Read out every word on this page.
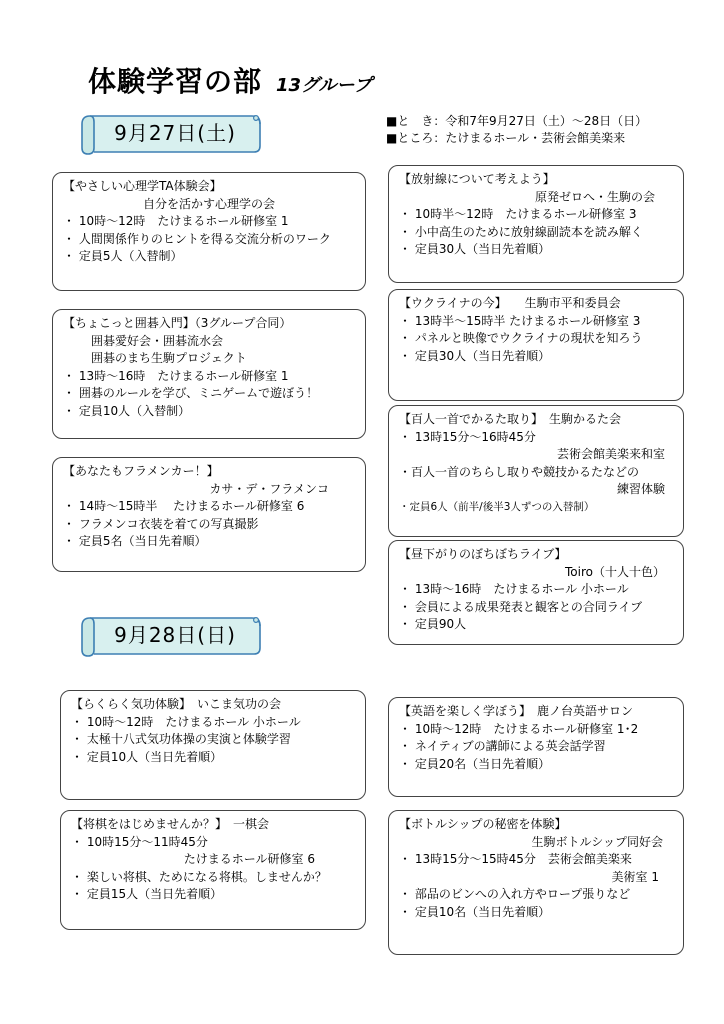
体験学習の部 13グループ
■と　き：令和7年9月27日（土）～28日（日）
■ところ：たけまるホール・芸術会館美楽来
9月27日(土)
9月28日(日)
【やさしい心理学TA体験会】
自分を活かす心理学の会
・ 10時～12時　たけまるホール研修室 1
・ 人間関係作りのヒントを得る交流分析のワーク
・ 定員5人（入替制）
【ちょこっと囲碁入門】（3グループ合同）
囲碁愛好会・囲碁流水会
囲碁のまち生駒プロジェクト
・ 13時～16時　たけまるホール研修室 1
・ 囲碁のルールを学び、ミニゲームで遊ぼう！
・ 定員10人（入替制）
【あなたもフラメンカー！】
カサ・デ・フラメンコ
・ 14時～15時半　 たけまるホール研修室 6
・ フラメンコ衣装を着ての写真撮影
・ 定員5名（当日先着順）
【放射線について考えよう】
原発ゼロへ・生駒の会
・ 10時半～12時　たけまるホール研修室 3
・ 小中高生のために放射線副読本を読み解く
・ 定員30人（当日先着順）
【ウクライナの今】　　生駒市平和委員会
・ 13時半～15時半 たけまるホール研修室 3
・ パネルと映像でウクライナの現状を知ろう
・ 定員30人（当日先着順）
【百人一首でかるた取り】　生駒かるた会
・ 13時15分～16時45分
芸術会館美楽来和室
・百人一首のちらし取りや競技かるたなどの
練習体験
・定員6人（前半/後半3人ずつの入替制）
【昼下がりのぼちぼちライブ】
Toiro（十人十色）
・ 13時～16時　たけまるホール 小ホール
・ 会員による成果発表と観客との合同ライブ
・ 定員90人
【らくらく気功体験】　いこま気功の会
・ 10時～12時　たけまるホール 小ホール
・ 太極十八式気功体操の実演と体験学習
・ 定員10人（当日先着順）
【将棋をはじめませんか？】　一棋会
・ 10時15分～11時45分
たけまるホール研修室 6
・ 楽しい将棋、ためになる将棋。しませんか？
・ 定員15人（当日先着順）
【英語を楽しく学ぼう】　鹿ノ台英語サロン
・ 10時～12時　たけまるホール研修室 1･2
・ ネイティブの講師による英会話学習
・ 定員20名（当日先着順）
【ボトルシップの秘密を体験】
生駒ボトルシップ同好会
・ 13時15分～15時45分　芸術会館美楽来
美術室 1
・ 部品のビンへの入れ方やロープ張りなど
・ 定員10名（当日先着順）
